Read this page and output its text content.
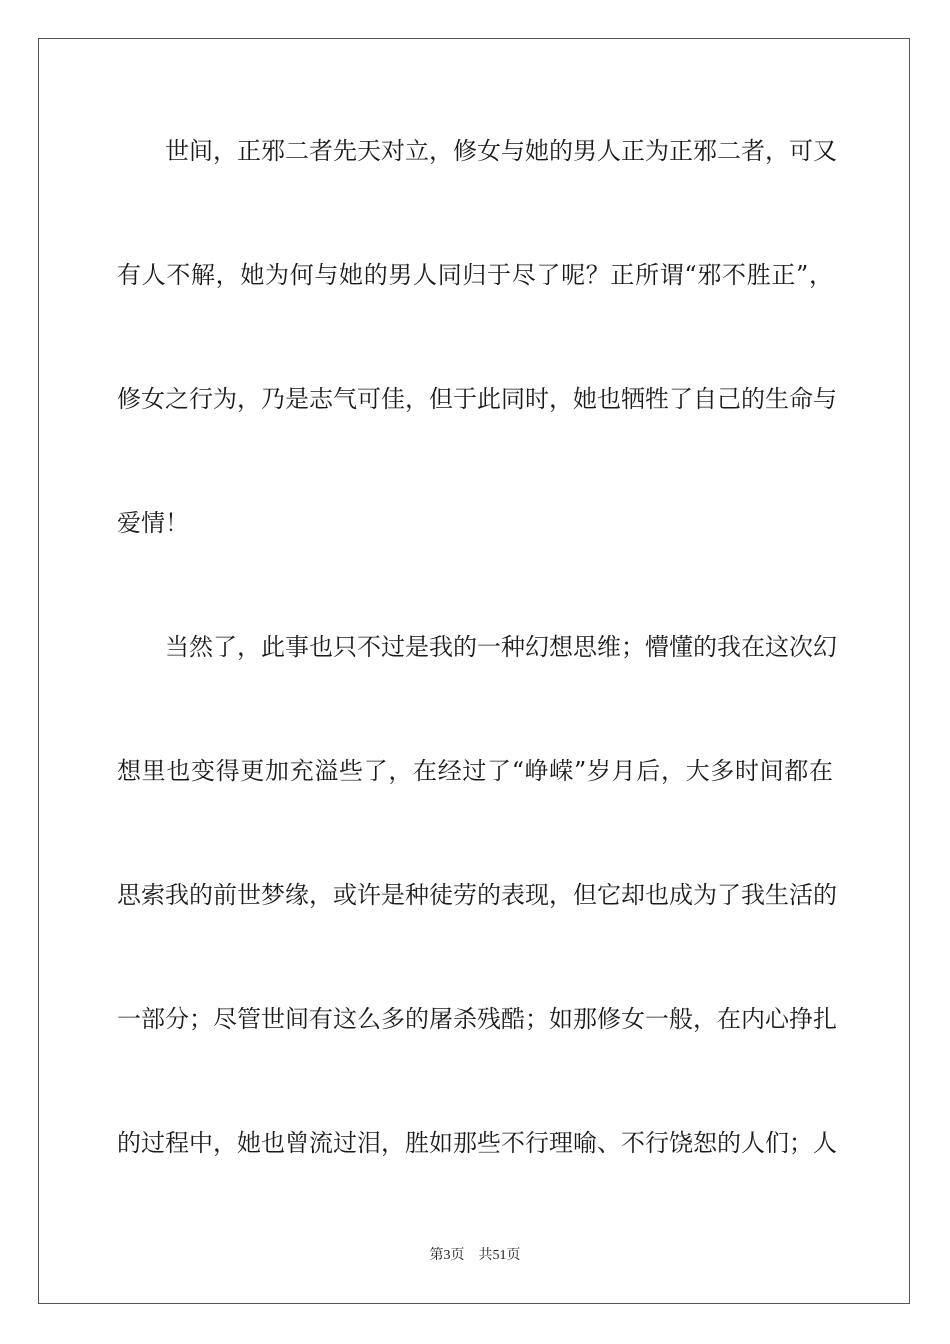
世间，正邪二者先天对立，修女与她的男人正为正邪二者，可又
有人不解，她为何与她的男人同归于尽了呢？正所谓“邪不胜正”，
修女之行为，乃是志气可佳，但于此同时，她也牺牲了自己的生命与
爱情！
当然了，此事也只不过是我的一种幻想思维；懵懂的我在这次幻
想里也变得更加充溢些了，在经过了“峥嵘”岁月后，大多时间都在
思索我的前世梦缘，或许是种徒劳的表现，但它却也成为了我生活的
一部分；尽管世间有这么多的屠杀残酷；如那修女一般，在内心挣扎
的过程中，她也曾流过泪，胜如那些不行理喻、不行饶恕的人们；人
第3页 共51页
